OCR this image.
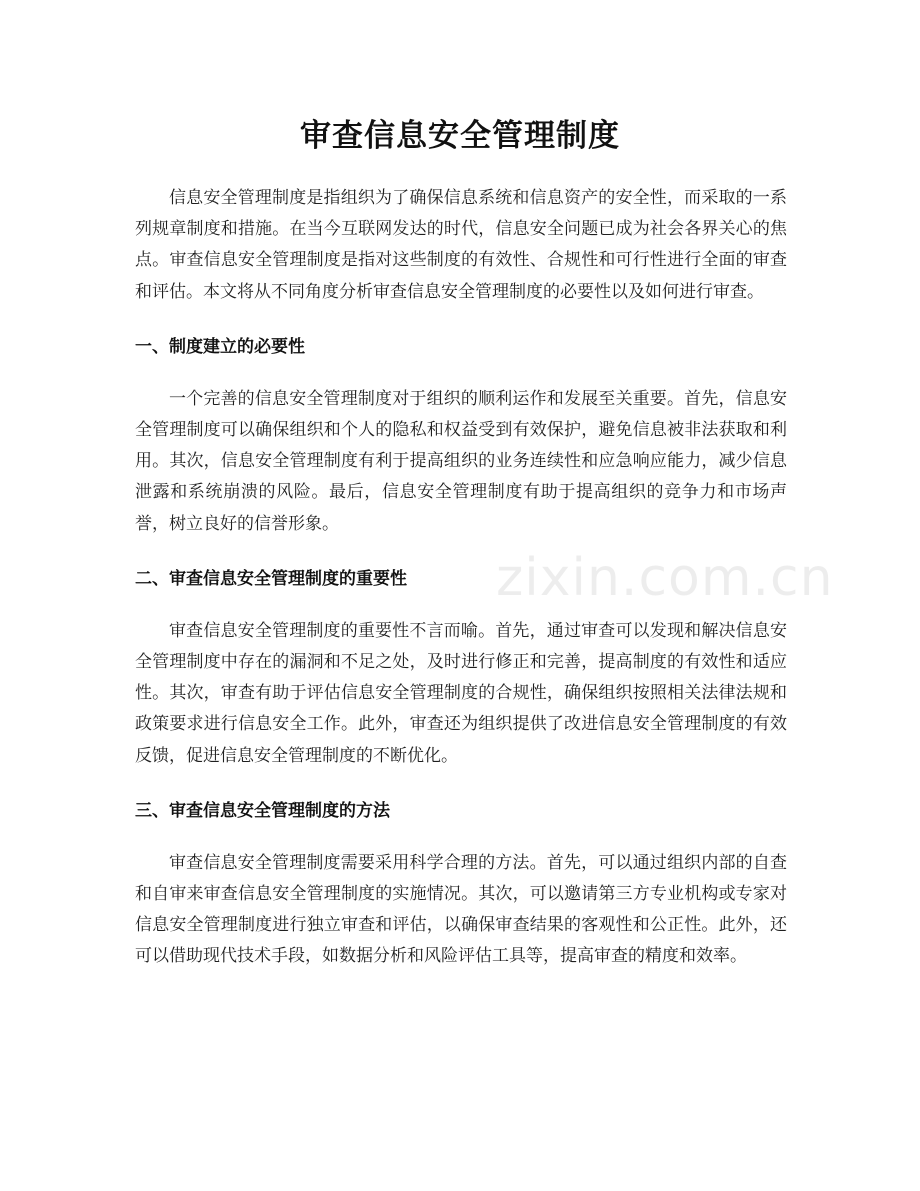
审查信息安全管理制度

信息安全管理制度是指组织为了确保信息系统和信息资产的安全性，而采取的一系列规章制度和措施。在当今互联网发达的时代，信息安全问题已成为社会各界关心的焦点。审查信息安全管理制度是指对这些制度的有效性、合规性和可行性进行全面的审查和评估。本文将从不同角度分析审查信息安全管理制度的必要性以及如何进行审查。

一、制度建立的必要性

一个完善的信息安全管理制度对于组织的顺利运作和发展至关重要。首先，信息安全管理制度可以确保组织和个人的隐私和权益受到有效保护，避免信息被非法获取和利用。其次，信息安全管理制度有利于提高组织的业务连续性和应急响应能力，减少信息泄露和系统崩溃的风险。最后，信息安全管理制度有助于提高组织的竞争力和市场声誉，树立良好的信誉形象。

二、审查信息安全管理制度的重要性

审查信息安全管理制度的重要性不言而喻。首先，通过审查可以发现和解决信息安全管理制度中存在的漏洞和不足之处，及时进行修正和完善，提高制度的有效性和适应性。其次，审查有助于评估信息安全管理制度的合规性，确保组织按照相关法律法规和政策要求进行信息安全工作。此外，审查还为组织提供了改进信息安全管理制度的有效反馈，促进信息安全管理制度的不断优化。

三、审查信息安全管理制度的方法

审查信息安全管理制度需要采用科学合理的方法。首先，可以通过组织内部的自查和自审来审查信息安全管理制度的实施情况。其次，可以邀请第三方专业机构或专家对信息安全管理制度进行独立审查和评估，以确保审查结果的客观性和公正性。此外，还可以借助现代技术手段，如数据分析和风险评估工具等，提高审查的精度和效率。

zixin.com.cn
